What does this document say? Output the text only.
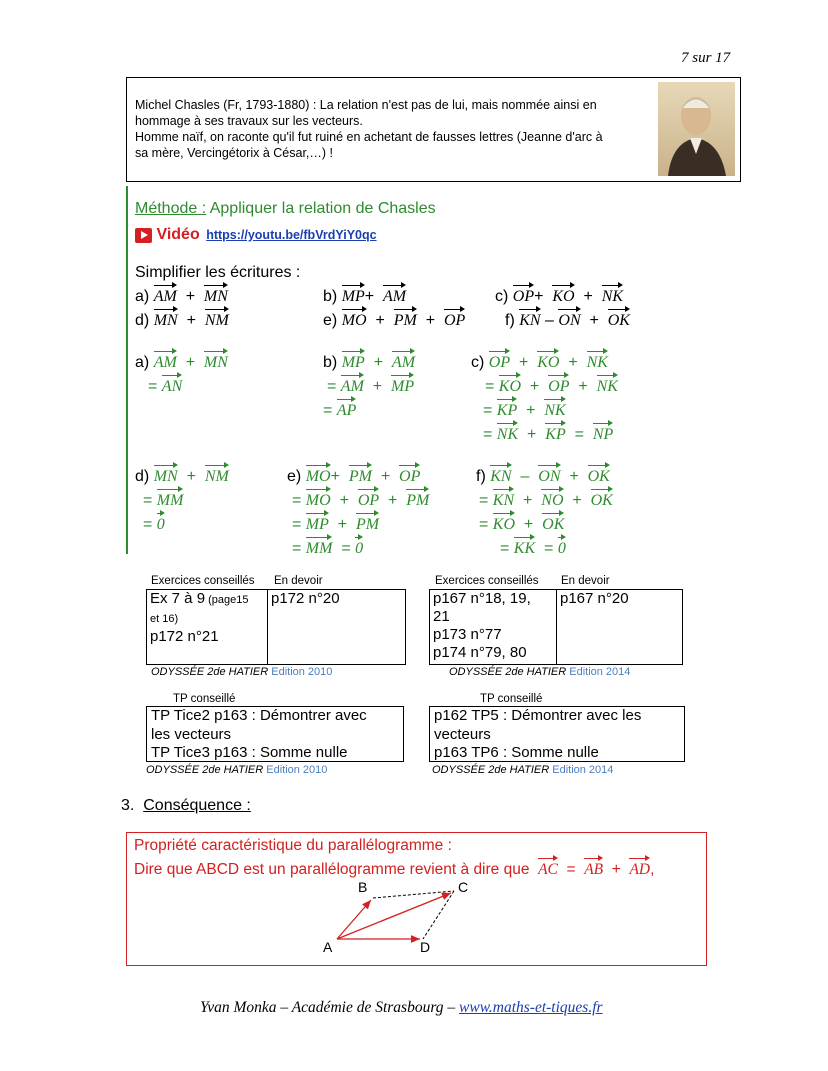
7 sur 17
Michel Chasles (Fr, 1793-1880) : La relation n'est pas de lui, mais nommée ainsi en
hommage à ses travaux sur les vecteurs.
Homme naïf, on raconte qu'il fut ruiné en achetant de fausses lettres (Jeanne d'arc à
sa mère, Vercingétorix à César,…) !
Méthode : Appliquer la relation de Chasles
Vidéo https://youtu.be/fbVrdYiY0qc
Simplifier les écritures :
a) AM + MN	b) MP+ AM	c) OP+ KO + NK
d) MN + NM	e) MO + PM + OP f) KN – ON + OK
a) AM + MN
= AN
b) MP + AM
= AM + MP
= AP
c) OP + KO + NK
= KO + OP + NK
= KP + NK
= NK + KP = NP
d) MN + NM
= MM
= 0
e) MO+ PM + OP
= MO + OP + PM
= MP + PM
= MM = 0
f) KN – ON + OK
= KN + NO + OK
= KO + OK
= KK = 0
Exercices conseillés En devoir
Ex 7 à 9 (page15
et 16)
p172 n°21	p172 n°20
ODYSSÉE 2de HATIER Edition 2010
Exercices conseillés En devoir
p167 n°18, 19,
21
p173 n°77
p174 n°79, 80	p167 n°20
ODYSSÉE 2de HATIER Edition 2014
TP conseillé
TP Tice2 p163 : Démontrer avec
les vecteurs
TP Tice3 p163 : Somme nulle
ODYSSÉE 2de HATIER Edition 2010
TP conseillé
p162 TP5 : Démontrer avec les
vecteurs
p163 TP6 : Somme nulle
ODYSSÉE 2de HATIER Edition 2014
3. Conséquence :
Propriété caractéristique du parallélogramme :
Dire que ABCD est un parallélogramme revient à dire que AC = AB + AD,
B	C
A	D
Yvan Monka – Académie de Strasbourg – www.maths-et-tiques.fr
